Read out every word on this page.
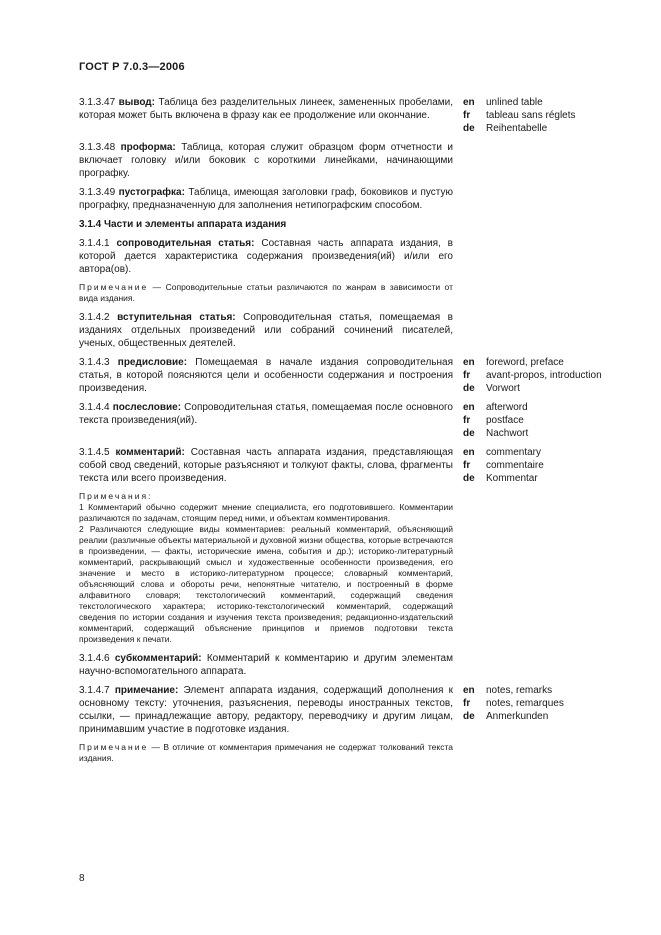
ГОСТ Р 7.0.3—2006
3.1.3.47 вывод: Таблица без разделительных линеек, замененных пробелами, которая может быть включена в фразу как ее продолжение или окончание.
en	unlined table
fr	tableau sans réglets
de	Reihentabelle
3.1.3.48 проформа: Таблица, которая служит образцом форм отчетности и включает головку и/или боковик с короткими линейками, начинающими прографку.
3.1.3.49 пустографка: Таблица, имеющая заголовки граф, боковиков и пустую прографку, предназначенную для заполнения нетипографским способом.
3.1.4 Части и элементы аппарата издания
3.1.4.1 сопроводительная статья: Составная часть аппарата издания, в которой дается характеристика содержания произведения(ий) и/или его автора(ов).
Примечание — Сопроводительные статьи различаются по жанрам в зависимости от вида издания.
3.1.4.2 вступительная статья: Сопроводительная статья, помещаемая в изданиях отдельных произведений или собраний сочинений писателей, ученых, общественных деятелей.
3.1.4.3 предисловие: Помещаемая в начале издания сопроводительная статья, в которой поясняются цели и особенности содержания и построения произведения.
en	foreword, preface
fr	avant-propos, introduction
de	Vorwort
3.1.4.4 послесловие: Сопроводительная статья, помещаемая после основного текста произведения(ий).
en	afterword
fr	postface
de	Nachwort
3.1.4.5 комментарий: Составная часть аппарата издания, представляющая собой свод сведений, которые разъясняют и толкуют факты, слова, фрагменты текста или всего произведения.
en	commentary
fr	commentaire
de	Kommentar
Примечания:
1 Комментарий обычно содержит мнение специалиста, его подготовившего. Комментарии различаются по задачам, стоящим перед ними, и объектам комментирования.
2 Различаются следующие виды комментариев: реальный комментарий, объясняющий реалии (различные объекты материальной и духовной жизни общества, которые встречаются в произведении, — факты, исторические имена, события и др.); историко-литературный комментарий, раскрывающий смысл и художественные особенности произведения, его значение и место в историко-литературном процессе; словарный комментарий, объясняющий слова и обороты речи, непонятные читателю, и построенный в форме алфавитного словаря; текстологический комментарий, содержащий сведения текстологического характера; историко-текстологический комментарий, содержащий сведения по истории создания и изучения текста произведения; редакционно-издательский комментарий, содержащий объяснение принципов и приемов подготовки текста произведения к печати.
3.1.4.6 субкомментарий: Комментарий к комментарию и другим элементам научно-вспомогательного аппарата.
3.1.4.7 примечание: Элемент аппарата издания, содержащий дополнения к основному тексту: уточнения, разъяснения, переводы иностранных текстов, ссылки, — принадлежащие автору, редактору, переводчику и другим лицам, принимавшим участие в подготовке издания.
en	notes, remarks
fr	notes, remarques
de	Anmerkunden
Примечание — В отличие от комментария примечания не содержат толкований текста издания.
8
